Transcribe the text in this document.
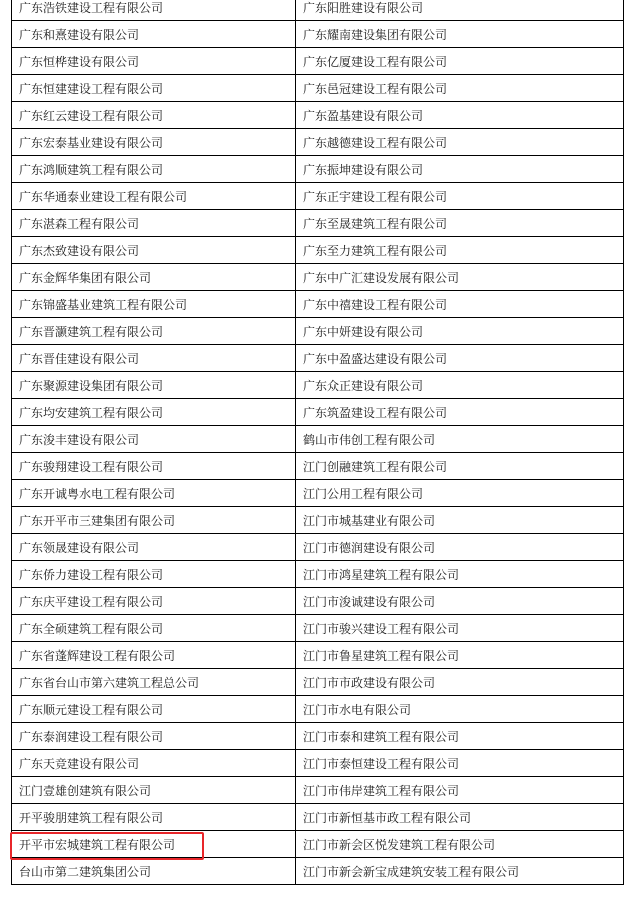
广东浩铁建设工程有限公司	广东阳胜建设有限公司
广东和熹建设有限公司	广东耀南建设集团有限公司
广东恒桦建设有限公司	广东亿厦建设工程有限公司
广东恒建建设工程有限公司	广东邑冠建设工程有限公司
广东红云建设工程有限公司	广东盈基建设有限公司
广东宏泰基业建设有限公司	广东越德建设工程有限公司
广东鸿顺建筑工程有限公司	广东振坤建设有限公司
广东华通泰业建设工程有限公司	广东正宇建设工程有限公司
广东湛森工程有限公司	广东至晟建筑工程有限公司
广东杰致建设有限公司	广东至力建筑工程有限公司
广东金辉华集团有限公司	广东中广汇建设发展有限公司
广东锦盛基业建筑工程有限公司	广东中禧建设工程有限公司
广东晋灏建筑工程有限公司	广东中妍建设有限公司
广东晋佳建设有限公司	广东中盈盛达建设有限公司
广东聚源建设集团有限公司	广东众正建设有限公司
广东均安建筑工程有限公司	广东筑盈建设工程有限公司
广东浚丰建设有限公司	鹤山市伟创工程有限公司
广东骏翔建设工程有限公司	江门创融建筑工程有限公司
广东开诚粤水电工程有限公司	江门公用工程有限公司
广东开平市三建集团有限公司	江门市城基建业有限公司
广东领晟建设有限公司	江门市德润建设有限公司
广东侨力建设工程有限公司	江门市鸿星建筑工程有限公司
广东庆平建设工程有限公司	江门市浚诚建设有限公司
广东全硕建筑工程有限公司	江门市骏兴建设工程有限公司
广东省蓬辉建设工程有限公司	江门市鲁星建筑工程有限公司
广东省台山市第六建筑工程总公司	江门市市政建设有限公司
广东顺元建设工程有限公司	江门市水电有限公司
广东泰润建设工程有限公司	江门市泰和建筑工程有限公司
广东天竞建设有限公司	江门市泰恒建设工程有限公司
江门壹雄创建筑有限公司	江门市伟岸建筑工程有限公司
开平骏朋建筑工程有限公司	江门市新恒基市政工程有限公司
开平市宏城建筑工程有限公司	江门市新会区悦发建筑工程有限公司
台山市第二建筑集团公司	江门市新会新宝成建筑安装工程有限公司
